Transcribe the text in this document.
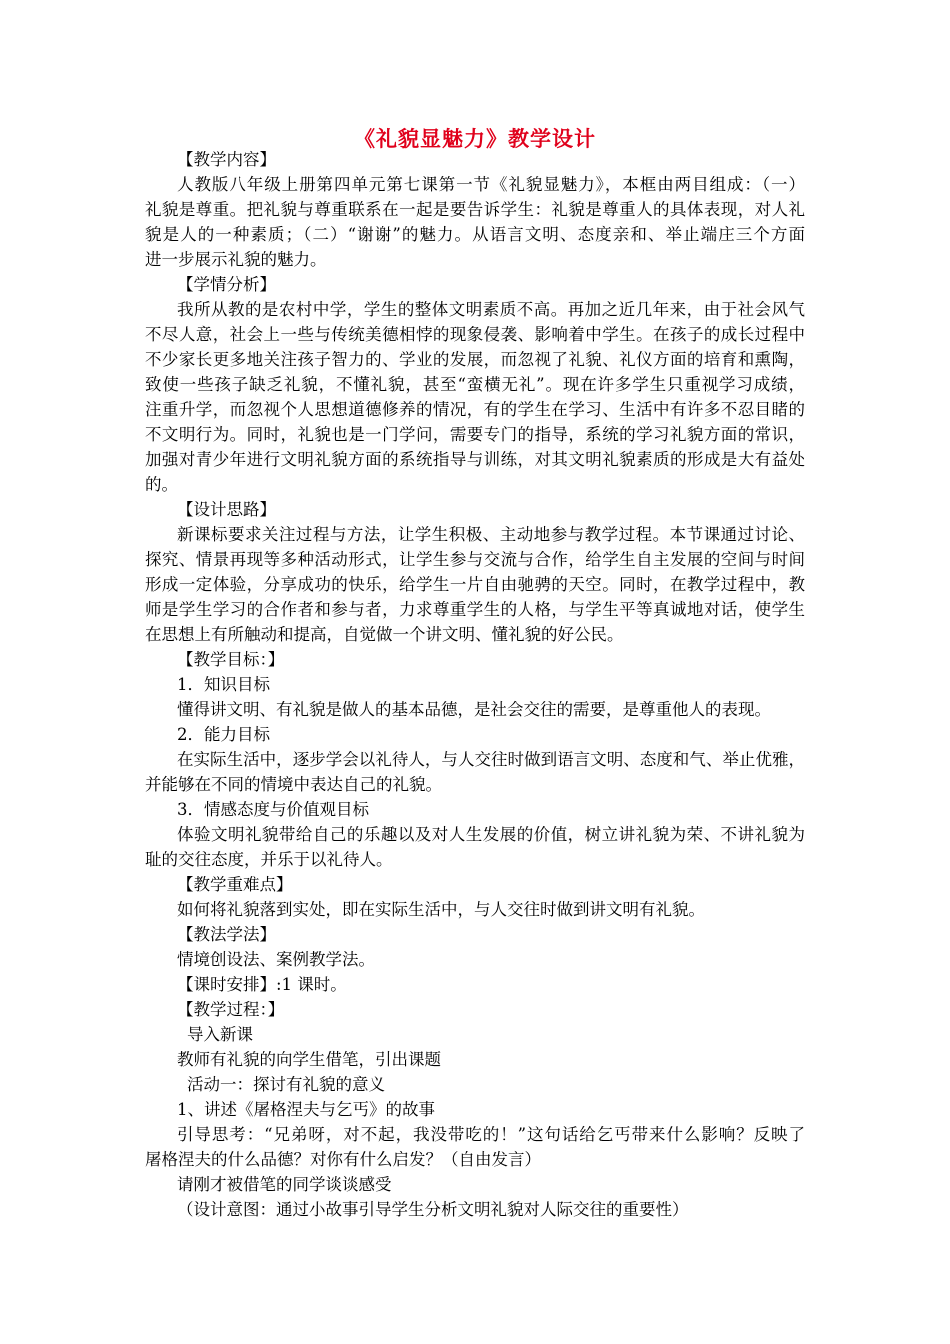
《礼貌显魅力》教学设计
【教学内容】
人教版八年级上册第四单元第七课第一节《礼貌显魅力》，本框由两目组成：（一）
礼貌是尊重。把礼貌与尊重联系在一起是要告诉学生：礼貌是尊重人的具体表现，对人礼
貌是人的一种素质；（二）“谢谢”的魅力。从语言文明、态度亲和、举止端庄三个方面
进一步展示礼貌的魅力。
【学情分析】
我所从教的是农村中学，学生的整体文明素质不高。再加之近几年来，由于社会风气
不尽人意，社会上一些与传统美德相悖的现象侵袭、影响着中学生。在孩子的成长过程中
不少家长更多地关注孩子智力的、学业的发展，而忽视了礼貌、礼仪方面的培育和熏陶，
致使一些孩子缺乏礼貌，不懂礼貌，甚至“蛮横无礼”。现在许多学生只重视学习成绩，
注重升学，而忽视个人思想道德修养的情况，有的学生在学习、生活中有许多不忍目睹的
不文明行为。同时，礼貌也是一门学问，需要专门的指导，系统的学习礼貌方面的常识，
加强对青少年进行文明礼貌方面的系统指导与训练，对其文明礼貌素质的形成是大有益处
的。
【设计思路】
新课标要求关注过程与方法，让学生积极、主动地参与教学过程。本节课通过讨论、
探究、情景再现等多种活动形式，让学生参与交流与合作，给学生自主发展的空间与时间
形成一定体验，分享成功的快乐，给学生一片自由驰骋的天空。同时，在教学过程中，教
师是学生学习的合作者和参与者，力求尊重学生的人格，与学生平等真诚地对话，使学生
在思想上有所触动和提高，自觉做一个讲文明、懂礼貌的好公民。
【教学目标：】
1．知识目标
懂得讲文明、有礼貌是做人的基本品德，是社会交往的需要，是尊重他人的表现。
2．能力目标
在实际生活中，逐步学会以礼待人，与人交往时做到语言文明、态度和气、举止优雅，
并能够在不同的情境中表达自己的礼貌。
3．情感态度与价值观目标
体验文明礼貌带给自己的乐趣以及对人生发展的价值，树立讲礼貌为荣、不讲礼貌为
耻的交往态度，并乐于以礼待人。
【教学重难点】
如何将礼貌落到实处，即在实际生活中，与人交往时做到讲文明有礼貌。
【教法学法】
情境创设法、案例教学法。
【课时安排】:1 课时。
【教学过程：】
导入新课
教师有礼貌的向学生借笔，引出课题
活动一：探讨有礼貌的意义
1、讲述《屠格涅夫与乞丐》的故事
引导思考：“兄弟呀，对不起，我没带吃的！”这句话给乞丐带来什么影响？反映了
屠格涅夫的什么品德？对你有什么启发？（自由发言）
请刚才被借笔的同学谈谈感受
（设计意图：通过小故事引导学生分析文明礼貌对人际交往的重要性）
